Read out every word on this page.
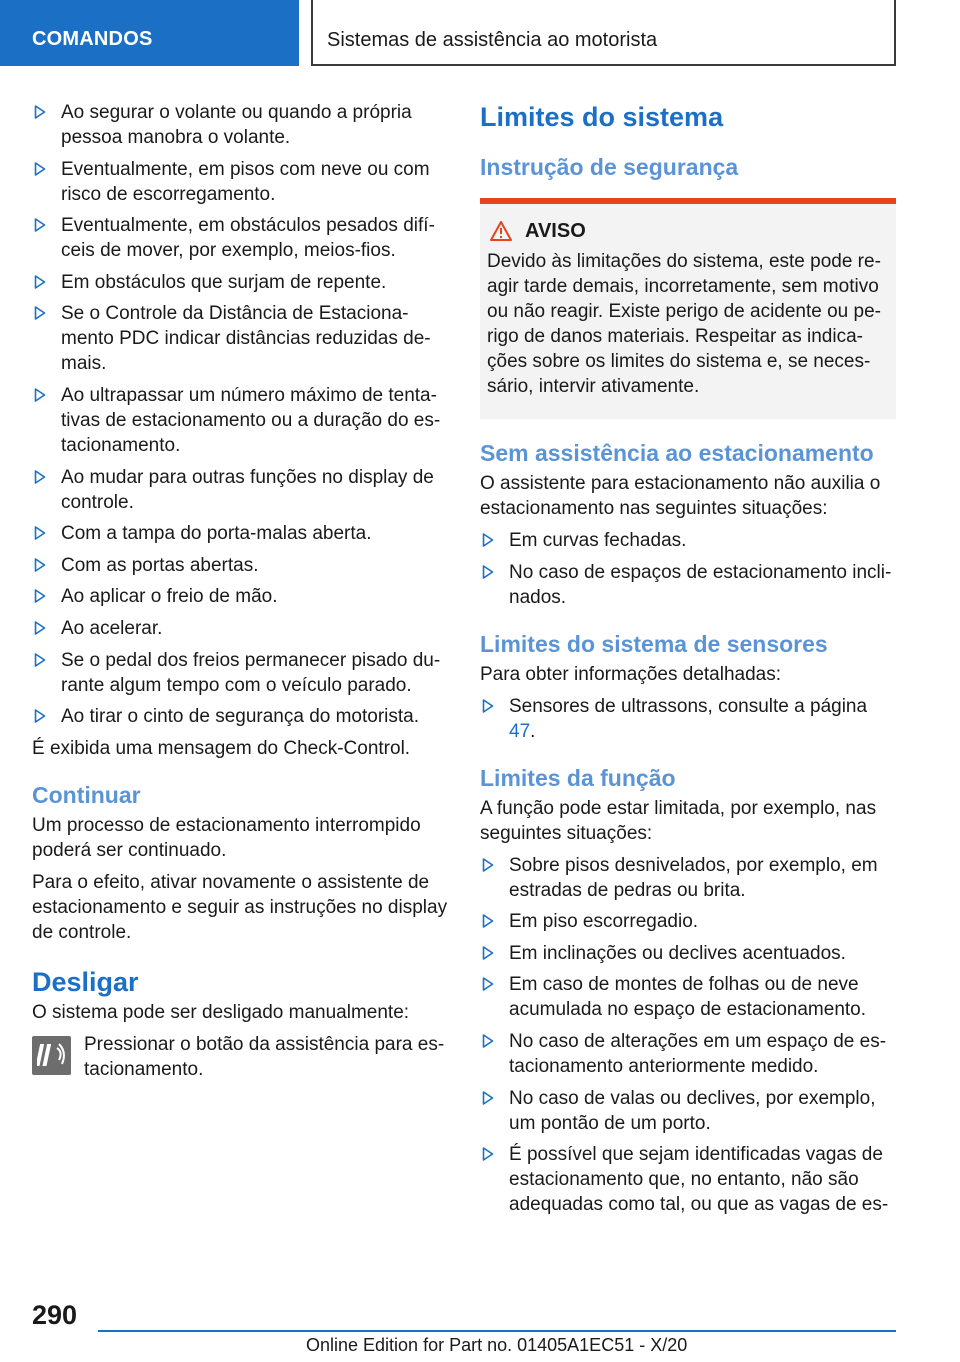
COMANDOS	Sistemas de assistência ao motorista
Ao segurar o volante ou quando a própria pessoa manobra o volante.
Eventualmente, em pisos com neve ou com risco de escorregamento.
Eventualmente, em obstáculos pesados difíceis de mover, por exemplo, meios-fios.
Em obstáculos que surjam de repente.
Se o Controle da Distância de Estacionamento PDC indicar distâncias reduzidas demais.
Ao ultrapassar um número máximo de tentativas de estacionamento ou a duração do estacionamento.
Ao mudar para outras funções no display de controle.
Com a tampa do porta-malas aberta.
Com as portas abertas.
Ao aplicar o freio de mão.
Ao acelerar.
Se o pedal dos freios permanecer pisado durante algum tempo com o veículo parado.
Ao tirar o cinto de segurança do motorista.

É exibida uma mensagem do Check-Control.

Continuar

Um processo de estacionamento interrompido poderá ser continuado.

Para o efeito, ativar novamente o assistente de estacionamento e seguir as instruções no display de controle.

Desligar

O sistema pode ser desligado manualmente:

Pressionar o botão da assistência para estacionamento.
Limites do sistema
Instrução de segurança
AVISO
Devido às limitações do sistema, este pode reagir tarde demais, incorretamente, sem motivo ou não reagir. Existe perigo de acidente ou perigo de danos materiais. Respeitar as indicações sobre os limites do sistema e, se necessário, intervir ativamente.
Sem assistência ao estacionamento

O assistente para estacionamento não auxilia o estacionamento nas seguintes situações:

Em curvas fechadas.
No caso de espaços de estacionamento inclinados.
Limites do sistema de sensores

Para obter informações detalhadas:

Sensores de ultrassons, consulte a página 47.
Limites da função

A função pode estar limitada, por exemplo, nas seguintes situações:

Sobre pisos desnivelados, por exemplo, em estradas de pedras ou brita.
Em piso escorregadio.
Em inclinações ou declives acentuados.
Em caso de montes de folhas ou de neve acumulada no espaço de estacionamento.
No caso de alterações em um espaço de estacionamento anteriormente medido.
No caso de valas ou declives, por exemplo, um pontão de um porto.
É possível que sejam identificadas vagas de estacionamento que, no entanto, não são adequadas como tal, ou que as vagas de es-
290
Online Edition for Part no. 01405A1EC51 - X/20
